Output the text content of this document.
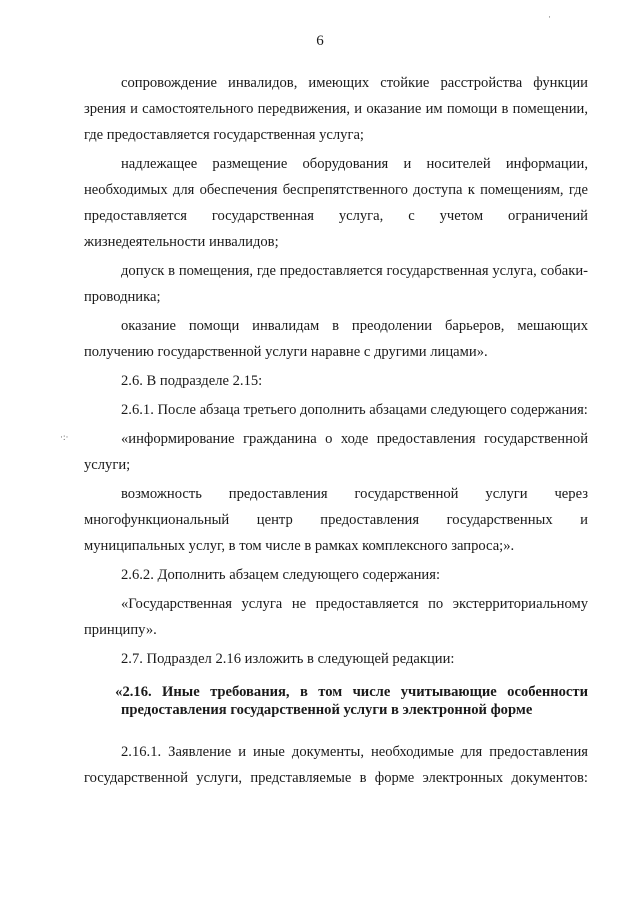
6
·
·:·

сопровождение инвалидов, имеющих стойкие расстройства функции зрения и самостоятельного передвижения, и оказание им помощи в помещении, где предоставляется государственная услуга;

надлежащее размещение оборудования и носителей информации, необходимых для обеспечения беспрепятственного доступа к помещениям, где предоставляется государственная услуга, с учетом ограничений жизнедеятельности инвалидов;

допуск в помещения, где предоставляется государственная услуга, собаки-проводника;

оказание помощи инвалидам в преодолении барьеров, мешающих получению государственной услуги наравне с другими лицами».

2.6. В подразделе 2.15:

2.6.1. После абзаца третьего дополнить абзацами следующего содержания:

«информирование гражданина о ходе предоставления государственной услуги;

возможность предоставления государственной услуги через многофункциональный центр предоставления государственных и муниципальных услуг, в том числе в рамках комплексного запроса;».

2.6.2. Дополнить абзацем следующего содержания:

«Государственная услуга не предоставляется по экстерриториальному принципу».

2.7. Подраздел 2.16 изложить в следующей редакции:

«2.16. Иные требования, в том числе учитывающие особенности предоставления государственной услуги в электронной форме

2.16.1. Заявление и иные документы, необходимые для предоставления государственной услуги, представляемые в форме электронных документов:
